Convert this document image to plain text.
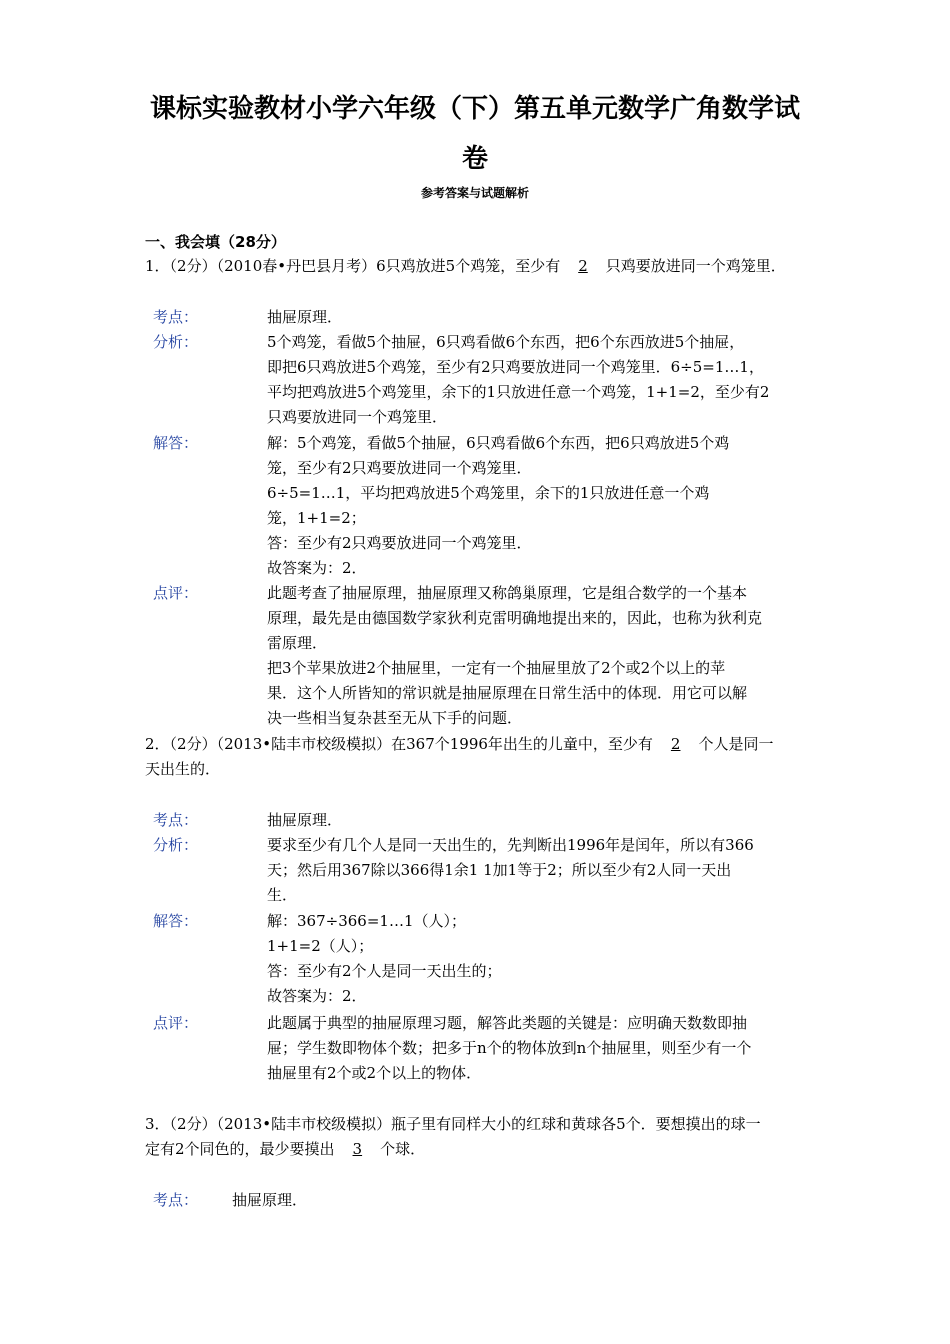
课标实验教材小学六年级（下）第五单元数学广角数学试
卷
参考答案与试题解析
一、我会填（28分）
1．（2分）（2010春•丹巴县月考）6只鸡放进5个鸡笼，至少有 2 只鸡要放进同一个鸡笼里．
考点：	抽屉原理．
分析：	5个鸡笼，看做5个抽屉，6只鸡看做6个东西，把6个东西放进5个抽屉，
即把6只鸡放进5个鸡笼，至少有2只鸡要放进同一个鸡笼里．6÷5=1…1，
平均把鸡放进5个鸡笼里，余下的1只放进任意一个鸡笼，1+1=2，至少有2
只鸡要放进同一个鸡笼里．
解答：	解：5个鸡笼，看做5个抽屉，6只鸡看做6个东西，把6只鸡放进5个鸡
笼，至少有2只鸡要放进同一个鸡笼里．
6÷5=1…1，平均把鸡放进5个鸡笼里，余下的1只放进任意一个鸡
笼，1+1=2；
答：至少有2只鸡要放进同一个鸡笼里．
故答案为：2．
点评：	此题考查了抽屉原理，抽屉原理又称鸽巢原理，它是组合数学的一个基本
原理，最先是由德国数学家狄利克雷明确地提出来的，因此，也称为狄利克
雷原理．
把3个苹果放进2个抽屉里，一定有一个抽屉里放了2个或2个以上的苹
果．这个人所皆知的常识就是抽屉原理在日常生活中的体现．用它可以解
决一些相当复杂甚至无从下手的问题．
2．（2分）（2013•陆丰市校级模拟）在367个1996年出生的儿童中，至少有 2 个人是同一
天出生的．
考点：	抽屉原理．
分析：	要求至少有几个人是同一天出生的，先判断出1996年是闰年，所以有366
天；然后用367除以366得1余1 1加1等于2；所以至少有2人同一天出
生．
解答：	解：367÷366=1…1（人）；
1+1=2（人）；
答：至少有2个人是同一天出生的；
故答案为：2．
点评：	此题属于典型的抽屉原理习题，解答此类题的关键是：应明确天数数即抽
屉；学生数即物体个数；把多于n个的物体放到n个抽屉里，则至少有一个
抽屉里有2个或2个以上的物体．
3．（2分）（2013•陆丰市校级模拟）瓶子里有同样大小的红球和黄球各5个．要想摸出的球一
定有2个同色的，最少要摸出 3 个球．
考点： 抽屉原理．
